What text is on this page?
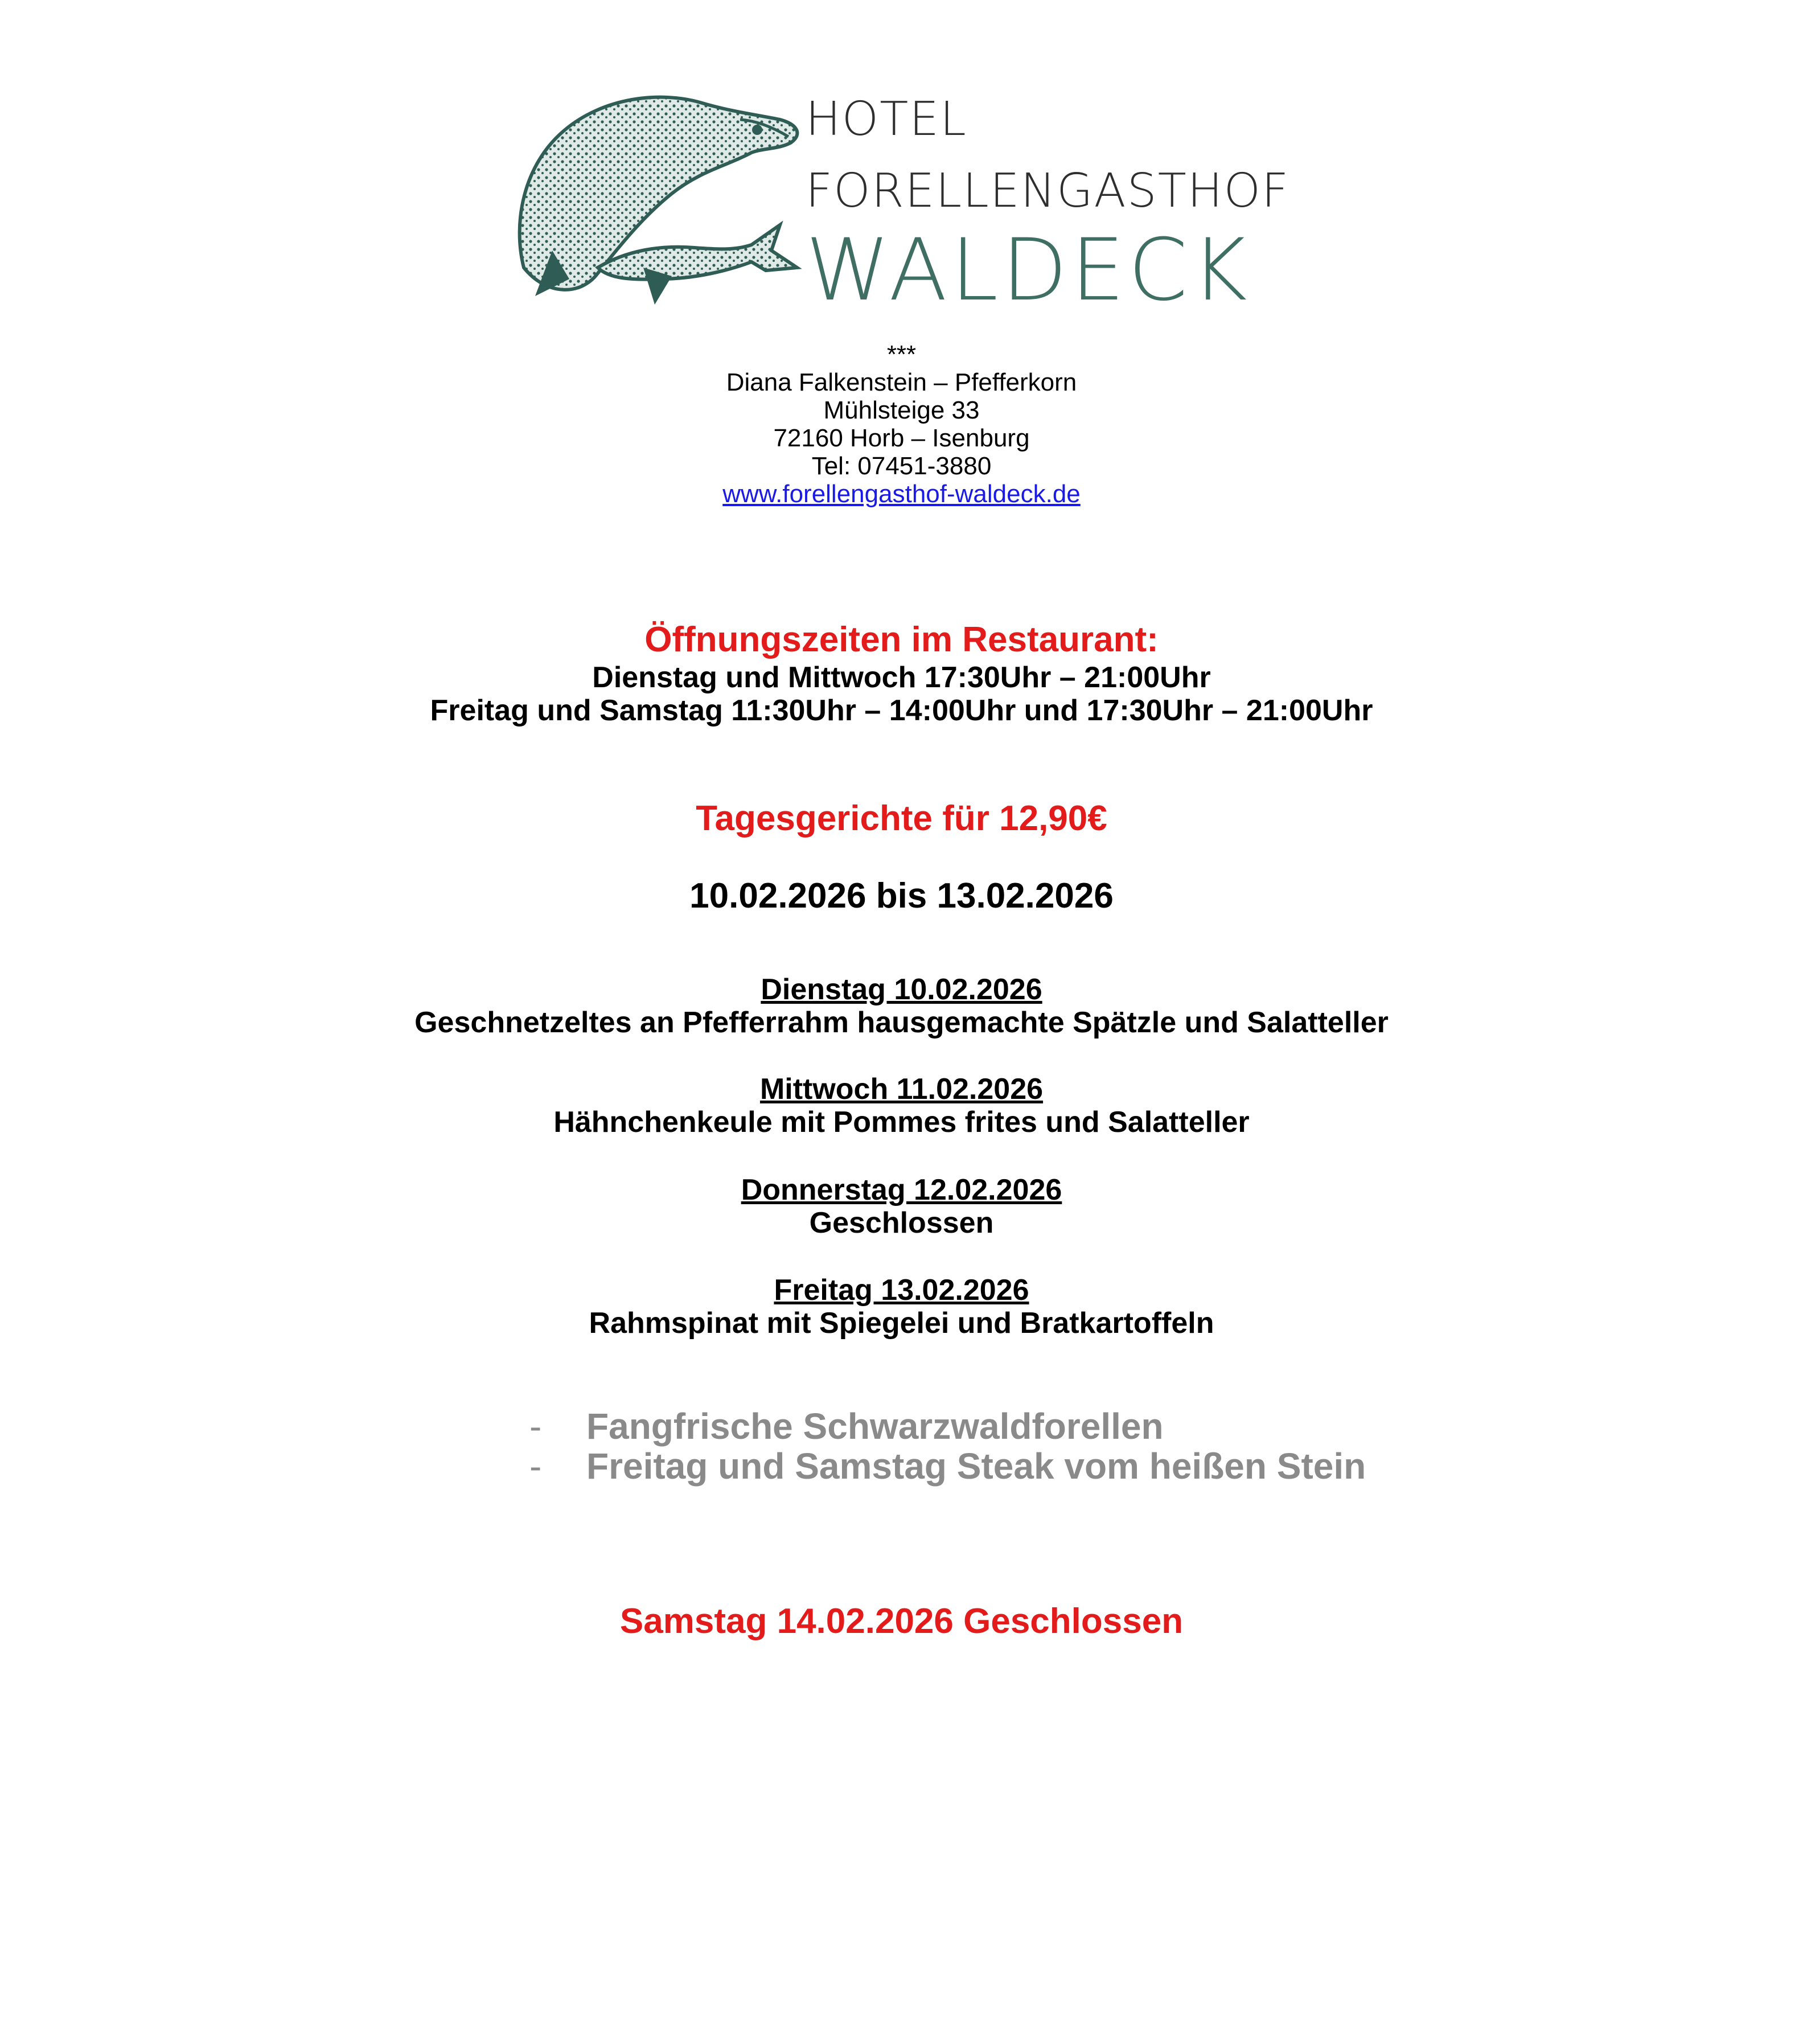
HOTEL
FORELLENGASTHOF
WALDECK
***
Diana Falkenstein – Pfefferkorn
Mühlsteige 33
72160 Horb – Isenburg
Tel: 07451-3880
www.forellengasthof-waldeck.de
Öffnungszeiten im Restaurant:
Dienstag und Mittwoch 17:30Uhr – 21:00Uhr
Freitag und Samstag 11:30Uhr – 14:00Uhr und 17:30Uhr – 21:00Uhr
Tagesgerichte für 12,90€
10.02.2026 bis 13.02.2026
Dienstag 10.02.2026
Geschnetzeltes an Pfefferrahm hausgemachte Spätzle und Salatteller
Mittwoch 11.02.2026
Hähnchenkeule mit Pommes frites und Salatteller
Donnerstag 12.02.2026
Geschlossen
Freitag 13.02.2026
Rahmspinat mit Spiegelei und Bratkartoffeln
- Fangfrische Schwarzwaldforellen
- Freitag und Samstag Steak vom heißen Stein
Samstag 14.02.2026 Geschlossen
